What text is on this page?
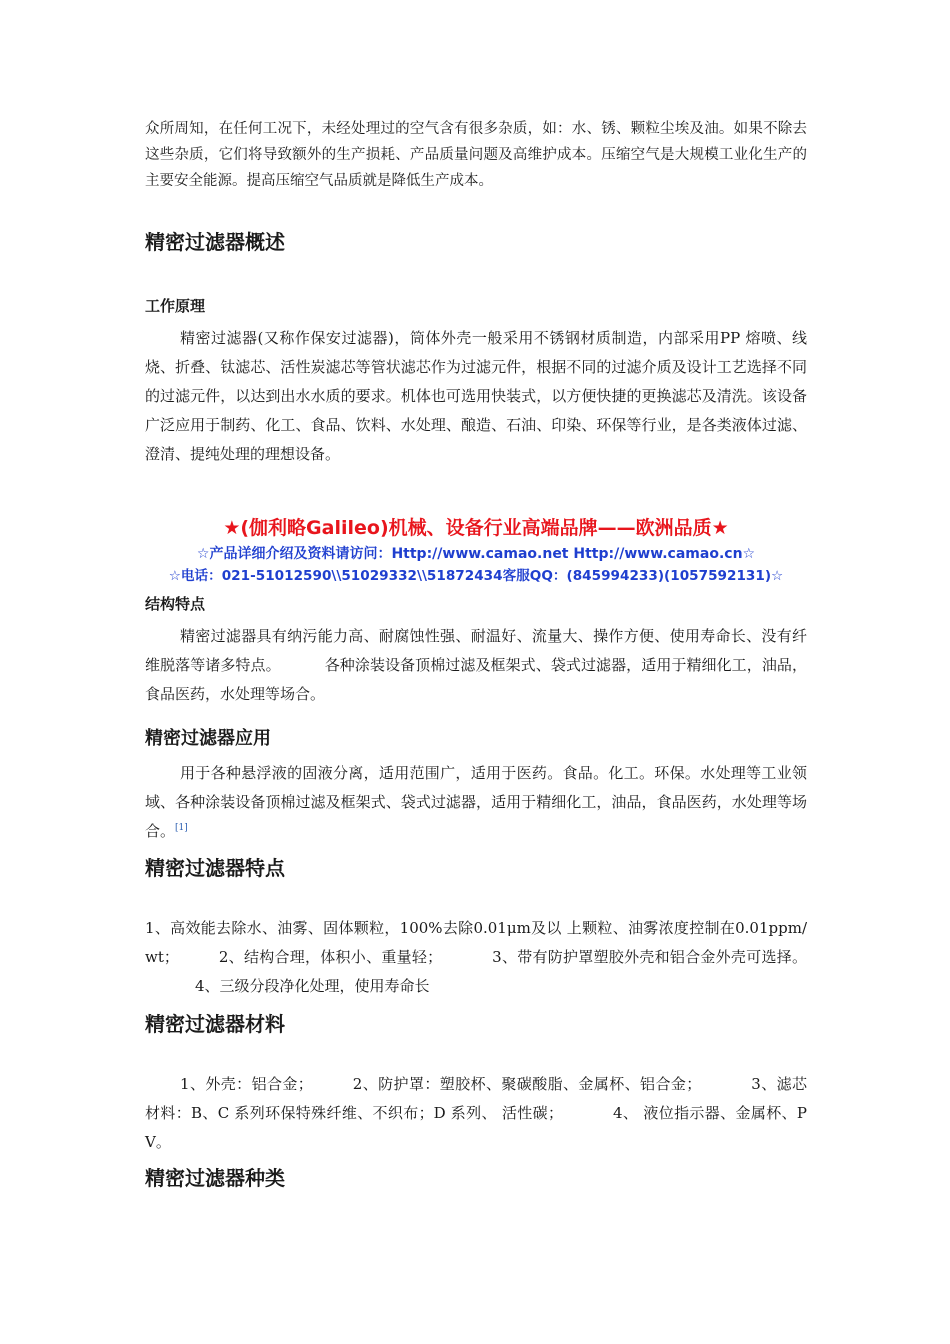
众所周知，在任何工况下，未经处理过的空气含有很多杂质，如：水、锈、颗粒尘埃及油。如果不除去这些杂质，它们将导致额外的生产损耗、产品质量问题及高维护成本。压缩空气是大规模工业化生产的主要安全能源。提高压缩空气品质就是降低生产成本。

精密过滤器概述
工作原理

精密过滤器(又称作保安过滤器)，筒体外壳一般采用不锈钢材质制造，内部采用PP 熔喷、线烧、折叠、钛滤芯、活性炭滤芯等管状滤芯作为过滤元件，根据不同的过滤介质及设计工艺选择不同的过滤元件，以达到出水水质的要求。机体也可选用快装式，以方便快捷的更换滤芯及清洗。该设备广泛应用于制药、化工、食品、饮料、水处理、酿造、石油、印染、环保等行业，是各类液体过滤、澄清、提纯处理的理想设备。

★(伽利略Galileo)机械、设备行业高端品牌——欧洲品质★
☆产品详细介绍及资料请访问：Http://www.camao.net Http://www.camao.cn☆
☆电话：021-51012590\\51029332\\51872434客服QQ：(845994233)(1057592131)☆
结构特点

精密过滤器具有纳污能力高、耐腐蚀性强、耐温好、流量大、操作方便、使用寿命长、没有纤维脱落等诸多特点。	各种涂装设备顶棉过滤及框架式、袋式过滤器，适用于精细化工，油品，食品医药，水处理等场合。

精密过滤器应用

用于各种悬浮液的固液分离，适用范围广，适用于医药。食品。化工。环保。水处理等工业领域、各种涂装设备顶棉过滤及框架式、袋式过滤器，适用于精细化工，油品，食品医药，水处理等场合。[1]

精密过滤器特点

1、高效能去除水、油雾、固体颗粒，100%去除0.01μm及以 上颗粒、油雾浓度控制在0.01ppm/wt；	2、结构合理，体积小、重量轻；	3、带有防护罩塑胶外壳和铝合金外壳可选择。4、三级分段净化处理，使用寿命长

精密过滤器材料

1、外壳：铝合金；	2、防护罩：塑胶杯、聚碳酸脂、金属杯、铝合金；	3、滤芯材料：B、C 系列环保特殊纤维、不织布；D 系列、 活性碳；	4、 液位指示器、金属杯、PV。

精密过滤器种类
